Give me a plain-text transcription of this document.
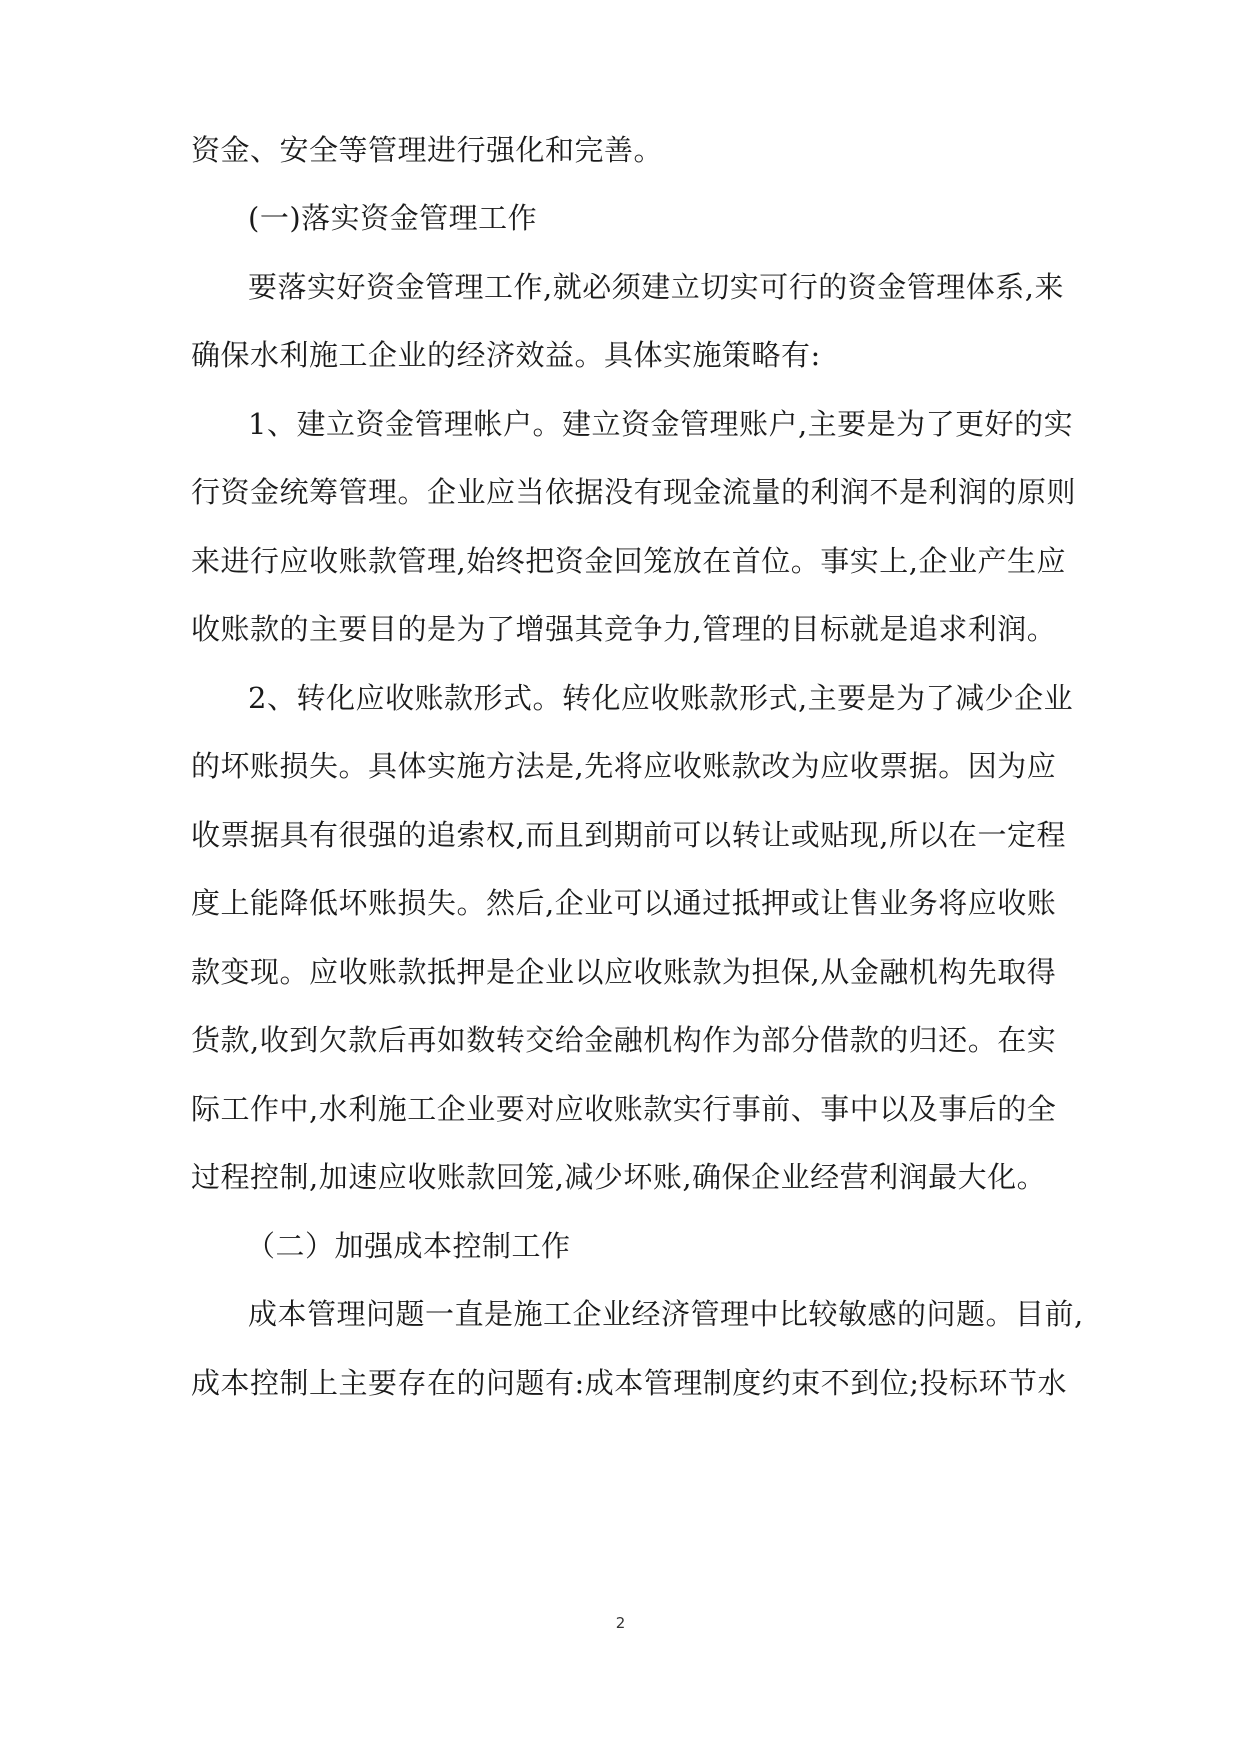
资金、安全等管理进行强化和完善。
(一)落实资金管理工作
要落实好资金管理工作,就必须建立切实可行的资金管理体系,来
确保水利施工企业的经济效益。具体实施策略有:
1、建立资金管理帐户。建立资金管理账户,主要是为了更好的实
行资金统筹管理。企业应当依据没有现金流量的利润不是利润的原则
来进行应收账款管理,始终把资金回笼放在首位。事实上,企业产生应
收账款的主要目的是为了增强其竞争力,管理的目标就是追求利润。
2、转化应收账款形式。转化应收账款形式,主要是为了减少企业
的坏账损失。具体实施方法是,先将应收账款改为应收票据。因为应
收票据具有很强的追索权,而且到期前可以转让或贴现,所以在一定程
度上能降低坏账损失。然后,企业可以通过抵押或让售业务将应收账
款变现。应收账款抵押是企业以应收账款为担保,从金融机构先取得
货款,收到欠款后再如数转交给金融机构作为部分借款的归还。在实
际工作中,水利施工企业要对应收账款实行事前、事中以及事后的全
过程控制,加速应收账款回笼,减少坏账,确保企业经营利润最大化。
（二）加强成本控制工作
成本管理问题一直是施工企业经济管理中比较敏感的问题。目前,
成本控制上主要存在的问题有:成本管理制度约束不到位;投标环节水
2
